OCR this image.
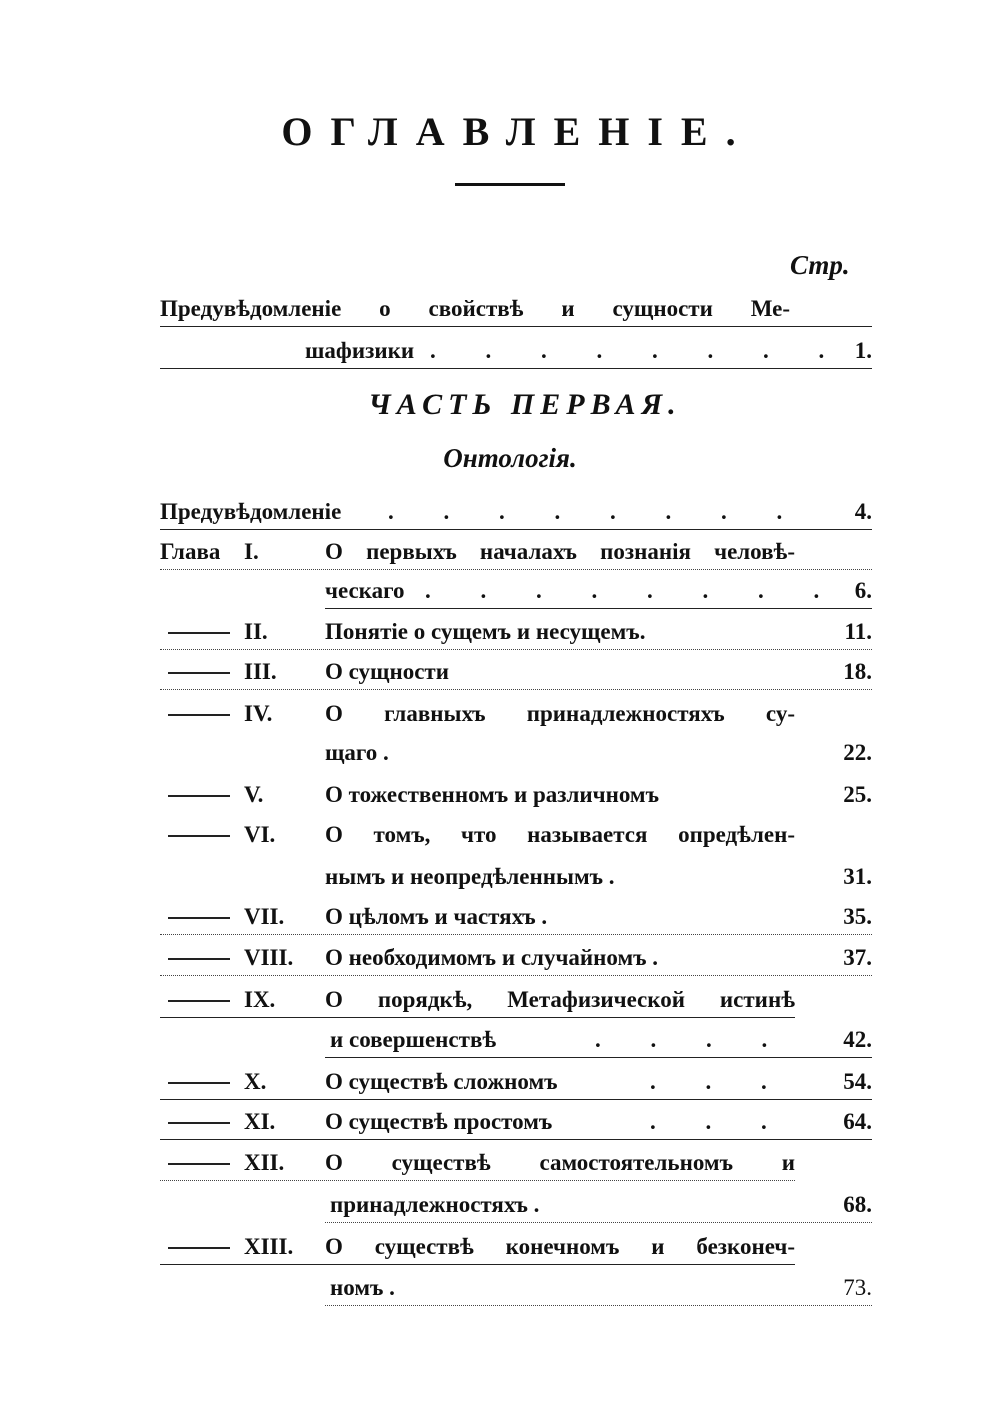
ОГЛАВЛЕНІЕ.
Стр.
Предувѣдомленіе о свойствѣ и сущности Ме-
шафизики . . .	1.
ЧАСТЬ ПЕРВАЯ.
Онтологія.
Предувѣдомленіе . . .	4.
Глава I.	О первыхъ началахъ познанія человѣ-
ческаго . . .	6.
II. Понятіе о сущемъ и несущемъ.	11.
III. О сущности	18.
IV. О главныхъ принадлежностяхъ су-
щаго .	22.
V.	О тожественномъ и различномъ	25.
VI. О томъ, что называется опредѣлен-
нымъ и неопредѣленнымъ .	31.
VII. О цѣломъ и частяхъ .	35.
VIII. О необходимомъ и случайномъ .	37.
IX. О порядкѣ, Метафизической истинѣ
и совершенствѣ . . .	42.
X.	О существѣ сложномъ . . .	54.
XI. О существѣ простомъ . . .	64.
XII. О существѣ самостоятельномъ и
принадлежностяхъ .	68.
XIII. О существѣ конечномъ и безконеч-
номъ .	73.
